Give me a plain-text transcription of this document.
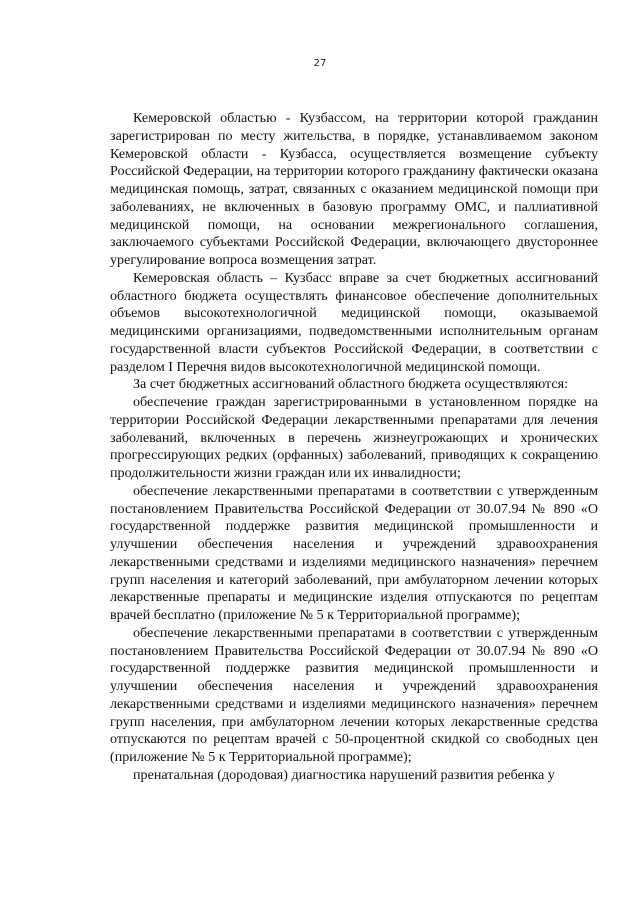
27

Кемеровской областью - Кузбассом, на территории которой гражданин зарегистрирован по месту жительства, в порядке, устанавливаемом законом Кемеровской области - Кузбасса, осуществляется возмещение субъекту Российской Федерации, на территории которого гражданину фактически оказана медицинская помощь, затрат, связанных с оказанием медицинской помощи при заболеваниях, не включенных в базовую программу ОМС, и паллиативной медицинской помощи, на основании межрегионального соглашения, заключаемого субъектами Российской Федерации, включающего двустороннее урегулирование вопроса возмещения затрат.

Кемеровская область – Кузбасс вправе за счет бюджетных ассигнований областного бюджета осуществлять финансовое обеспечение дополнительных объемов высокотехнологичной медицинской помощи, оказываемой медицинскими организациями, подведомственными исполнительным органам государственной власти субъектов Российской Федерации, в соответствии с разделом I Перечня видов высокотехнологичной медицинской помощи.

За счет бюджетных ассигнований областного бюджета осуществляются:

обеспечение граждан зарегистрированными в установленном порядке на территории Российской Федерации лекарственными препаратами для лечения заболеваний, включенных в перечень жизнеугрожающих и хронических прогрессирующих редких (орфанных) заболеваний, приводящих к сокращению продолжительности жизни граждан или их инвалидности;

обеспечение лекарственными препаратами в соответствии с утвержденным постановлением Правительства Российской Федерации от 30.07.94 № 890 «О государственной поддержке развития медицинской промышленности и улучшении обеспечения населения и учреждений здравоохранения лекарственными средствами и изделиями медицинского назначения» перечнем групп населения и категорий заболеваний, при амбулаторном лечении которых лекарственные препараты и медицинские изделия отпускаются по рецептам врачей бесплатно (приложение № 5 к Территориальной программе);

обеспечение лекарственными препаратами в соответствии с утвержденным постановлением Правительства Российской Федерации от 30.07.94 № 890 «О государственной поддержке развития медицинской промышленности и улучшении обеспечения населения и учреждений здравоохранения лекарственными средствами и изделиями медицинского назначения» перечнем групп населения, при амбулаторном лечении которых лекарственные средства отпускаются по рецептам врачей с 50-процентной скидкой со свободных цен (приложение № 5 к Территориальной программе);

пренатальная (дородовая) диагностика нарушений развития ребенка у
